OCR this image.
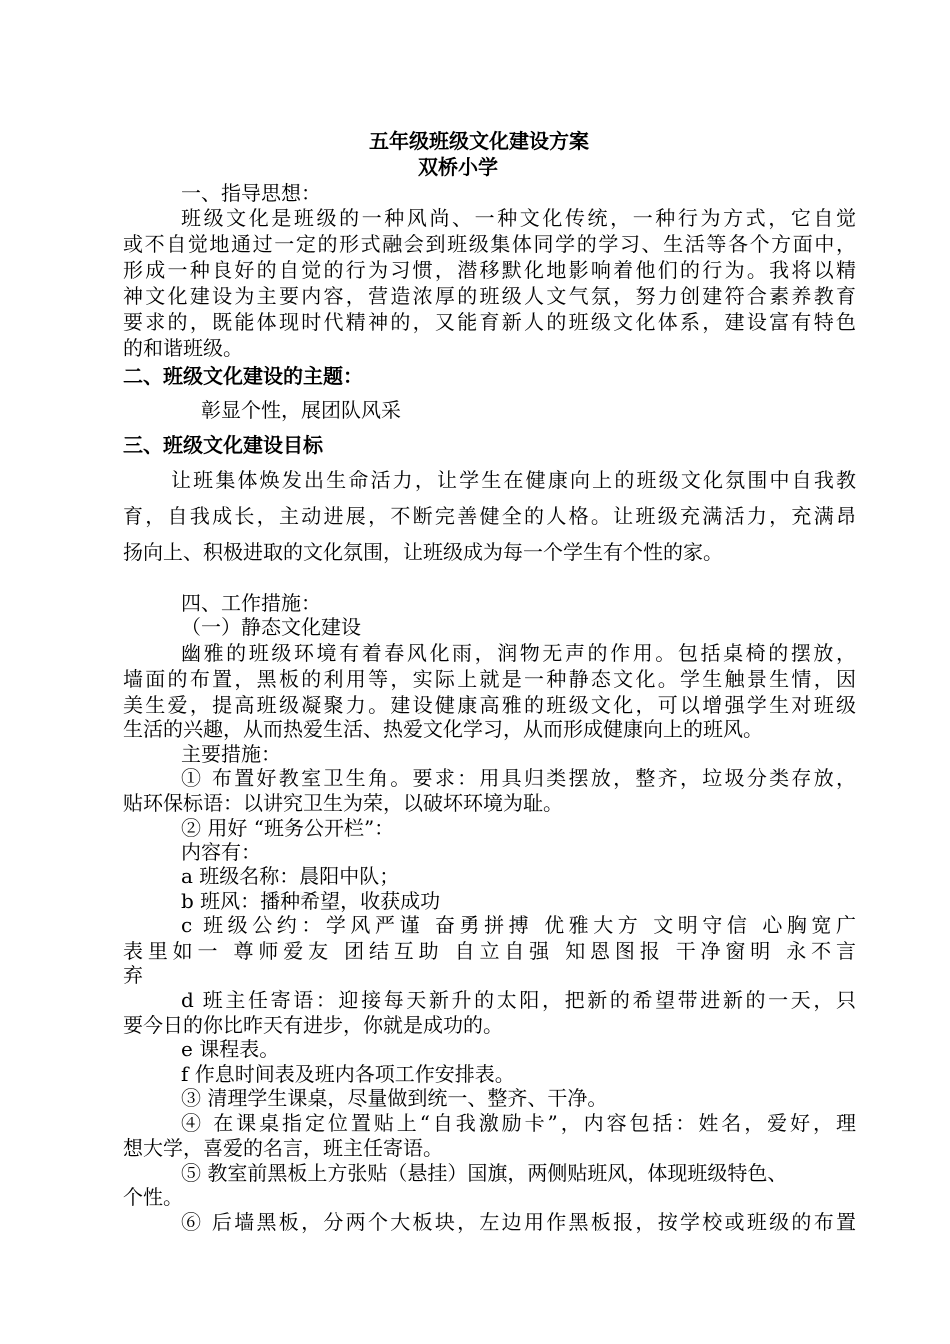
五年级班级文化建设方案
双桥小学
一、指导思想：
班级文化是班级的一种风尚、一种文化传统，一种行为方式，它自觉
或不自觉地通过一定的形式融会到班级集体同学的学习、生活等各个方面中，
形成一种良好的自觉的行为习惯，潜移默化地影响着他们的行为。我将以精
神文化建设为主要内容，营造浓厚的班级人文气氛，努力创建符合素养教育
要求的，既能体现时代精神的，又能育新人的班级文化体系，建设富有特色
的和谐班级。
二、班级文化建设的主题：
彰显个性，展团队风采
三、班级文化建设目标
让班集体焕发出生命活力，让学生在健康向上的班级文化氛围中自我教
育，自我成长，主动进展，不断完善健全的人格。让班级充满活力，充满昂
扬向上、积极进取的文化氛围，让班级成为每一个学生有个性的家。
四、工作措施：
（一）静态文化建设
幽雅的班级环境有着春风化雨，润物无声的作用。包括桌椅的摆放，
墙面的布置，黑板的利用等，实际上就是一种静态文化。学生触景生情，因
美生爱，提高班级凝聚力。建设健康高雅的班级文化，可以增强学生对班级
生活的兴趣，从而热爱生活、热爱文化学习，从而形成健康向上的班风。
主要措施：
① 布置好教室卫生角。要求：用具归类摆放，整齐，垃圾分类存放，
贴环保标语：以讲究卫生为荣，以破坏环境为耻。
② 用好 “班务公开栏”：
内容有：
a 班级名称：晨阳中队；
b 班风：播种希望，收获成功
c 班级公约：学风严谨 奋勇拼搏 优雅大方 文明守信 心胸宽广
表里如一 尊师爱友 团结互助 自立自强 知恩图报 干净窗明 永不言
弃
d 班主任寄语：迎接每天新升的太阳，把新的希望带进新的一天，只
要今日的你比昨天有进步，你就是成功的。
e 课程表。
f 作息时间表及班内各项工作安排表。
③ 清理学生课桌，尽量做到统一、整齐、干净。
④ 在课桌指定位置贴上“自我激励卡”，内容包括：姓名，爱好，理
想大学，喜爱的名言，班主任寄语。
⑤ 教室前黑板上方张贴（悬挂）国旗，两侧贴班风，体现班级特色、
个性。
⑥ 后墙黑板，分两个大板块，左边用作黑板报，按学校或班级的布置
